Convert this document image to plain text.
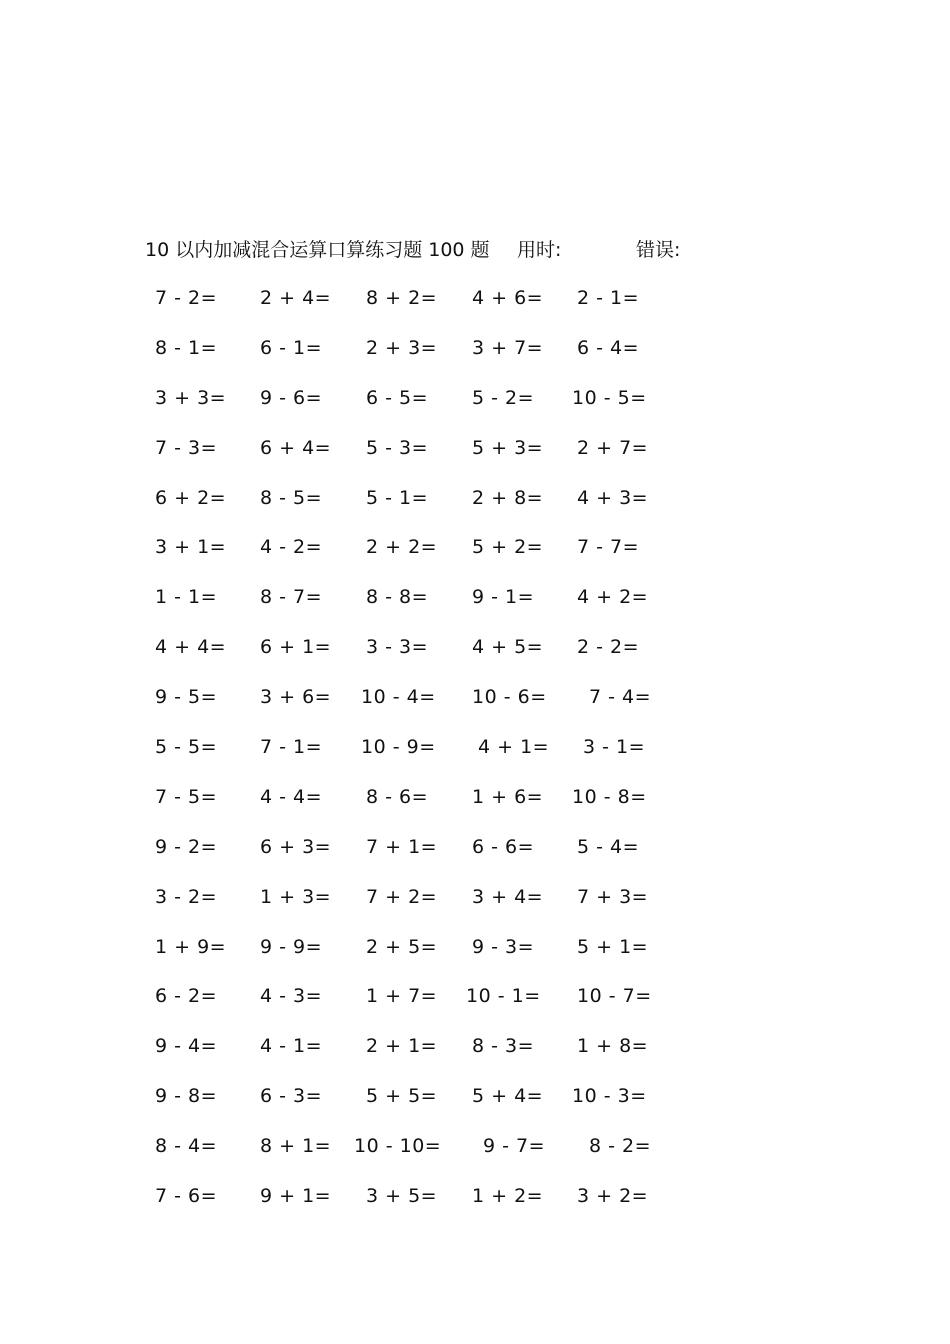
10 以内加减混合运算口算练习题 100 题 用时:	错误:
7 - 2= 2 + 4= 8 + 2= 4 + 6= 2 - 1=
8 - 1= 6 - 1= 2 + 3= 3 + 7= 6 - 4=
3 + 3= 9 - 6= 6 - 5= 5 - 2= 10 - 5=
7 - 3= 6 + 4= 5 - 3= 5 + 3= 2 + 7=
6 + 2= 8 - 5= 5 - 1= 2 + 8= 4 + 3=
3 + 1= 4 - 2= 2 + 2= 5 + 2= 7 - 7=
1 - 1= 8 - 7= 8 - 8= 9 - 1= 4 + 2=
4 + 4= 6 + 1= 3 - 3= 4 + 5= 2 - 2=
9 - 5= 3 + 6= 10 - 4= 10 - 6= 7 - 4=
5 - 5= 7 - 1= 10 - 9= 4 + 1= 3 - 1=
7 - 5= 4 - 4= 8 - 6= 1 + 6= 10 - 8=
9 - 2= 6 + 3= 7 + 1= 6 - 6= 5 - 4=
3 - 2= 1 + 3= 7 + 2= 3 + 4= 7 + 3=
1 + 9= 9 - 9= 2 + 5= 9 - 3= 5 + 1=
6 - 2= 4 - 3= 1 + 7= 10 - 1= 10 - 7=
9 - 4= 4 - 1= 2 + 1= 8 - 3= 1 + 8=
9 - 8= 6 - 3= 5 + 5= 5 + 4= 10 - 3=
8 - 4= 8 + 1= 10 - 10= 9 - 7= 8 - 2=
7 - 6= 9 + 1= 3 + 5= 1 + 2= 3 + 2=
